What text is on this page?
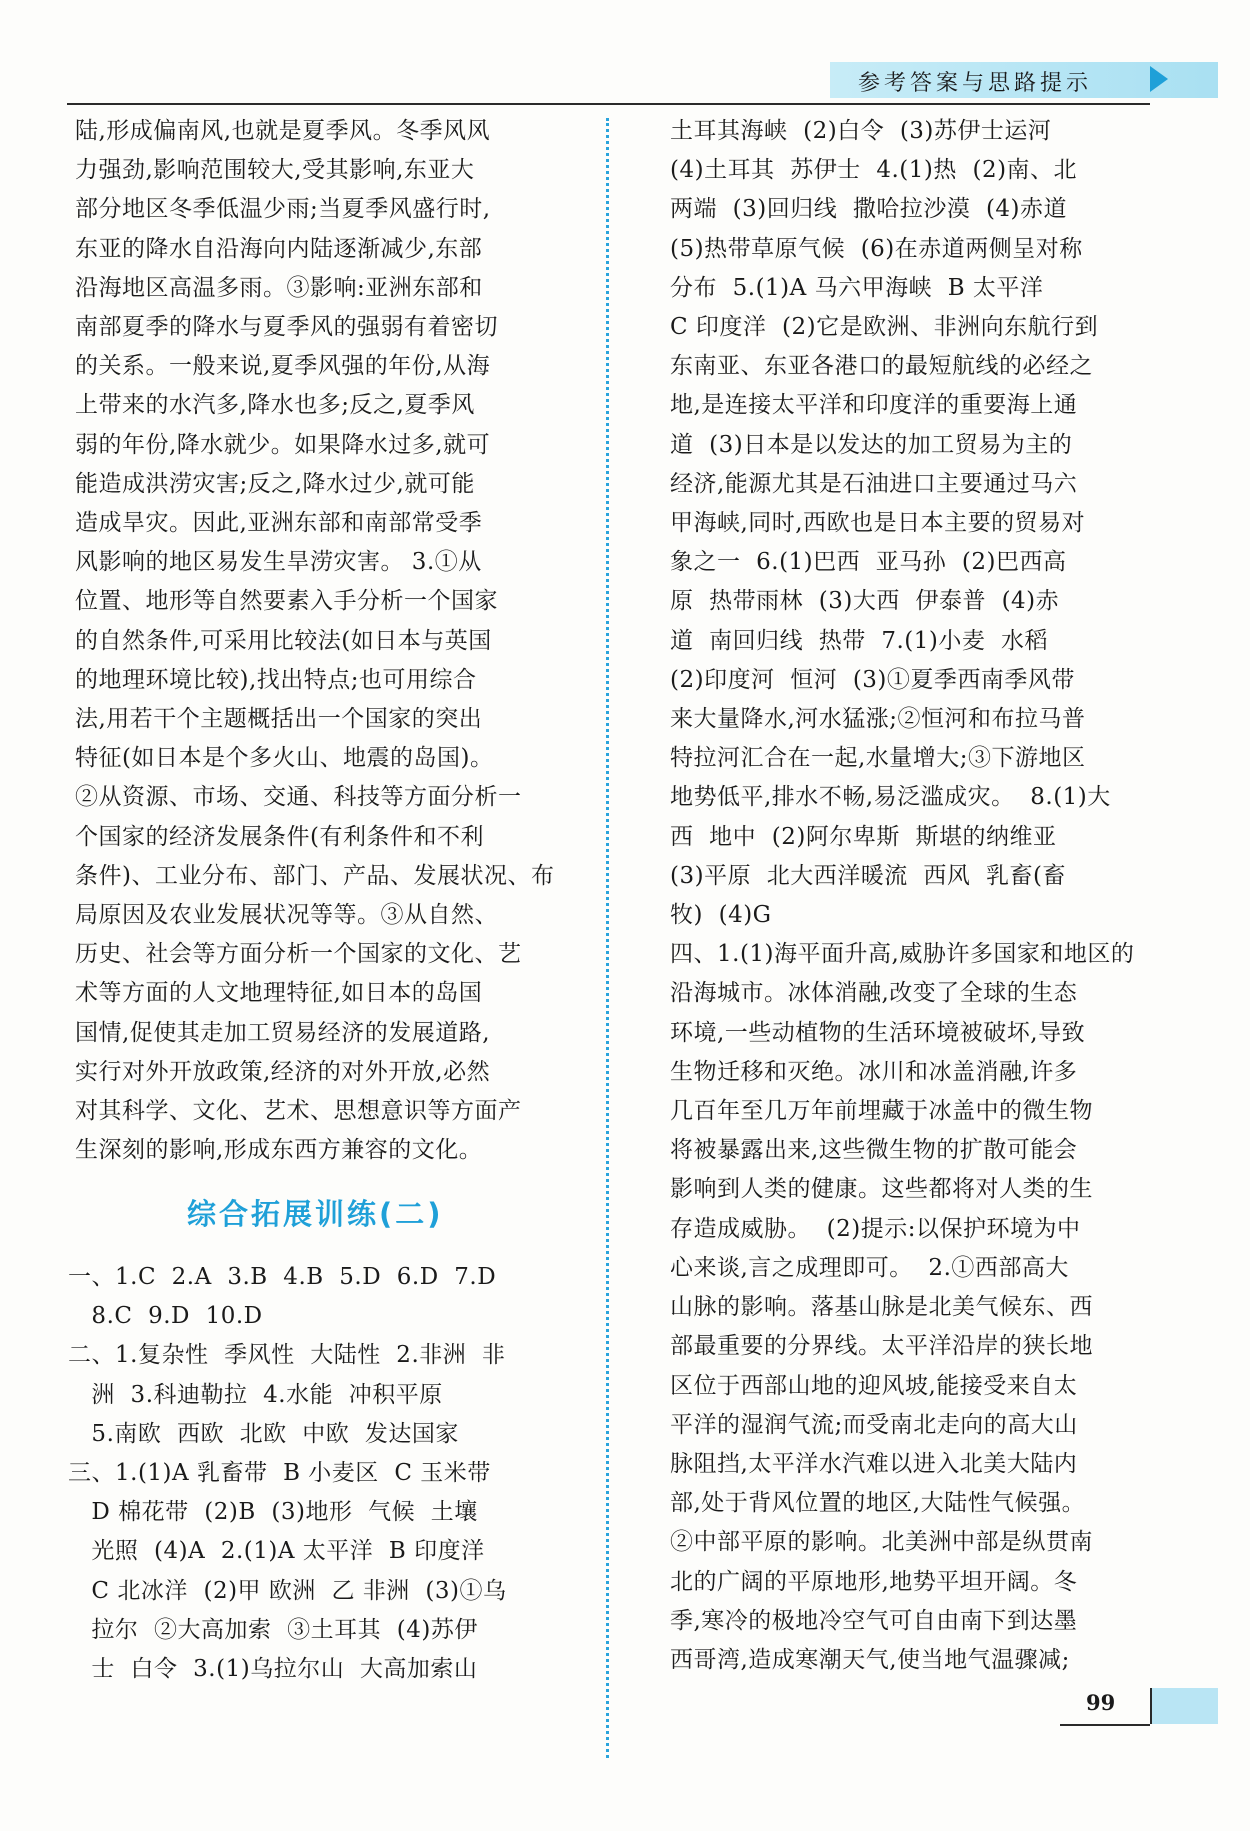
参考答案与思路提示
陆,形成偏南风,也就是夏季风。冬季风风
力强劲,影响范围较大,受其影响,东亚大
部分地区冬季低温少雨;当夏季风盛行时,
东亚的降水自沿海向内陆逐渐减少,东部
沿海地区高温多雨。③影响:亚洲东部和
南部夏季的降水与夏季风的强弱有着密切
的关系。一般来说,夏季风强的年份,从海
上带来的水汽多,降水也多;反之,夏季风
弱的年份,降水就少。如果降水过多,就可
能造成洪涝灾害;反之,降水过少,就可能
造成旱灾。因此,亚洲东部和南部常受季
风影响的地区易发生旱涝灾害。 3.①从
位置、地形等自然要素入手分析一个国家
的自然条件,可采用比较法(如日本与英国
的地理环境比较),找出特点;也可用综合
法,用若干个主题概括出一个国家的突出
特征(如日本是个多火山、地震的岛国)。
②从资源、市场、交通、科技等方面分析一
个国家的经济发展条件(有利条件和不利
条件)、工业分布、部门、产品、发展状况、布
局原因及农业发展状况等等。③从自然、
历史、社会等方面分析一个国家的文化、艺
术等方面的人文地理特征,如日本的岛国
国情,促使其走加工贸易经济的发展道路,
实行对外开放政策,经济的对外开放,必然
对其科学、文化、艺术、思想意识等方面产
生深刻的影响,形成东西方兼容的文化。
综合拓展训练(二)
一、1.C  2.A  3.B  4.B  5.D  6.D  7.D
8.C  9.D  10.D
二、1.复杂性  季风性  大陆性  2.非洲  非
洲  3.科迪勒拉  4.水能  冲积平原
5.南欧  西欧  北欧  中欧  发达国家
三、1.(1)A 乳畜带  B 小麦区  C 玉米带
D 棉花带  (2)B  (3)地形  气候  土壤
光照  (4)A  2.(1)A 太平洋  B 印度洋
C 北冰洋  (2)甲 欧洲  乙 非洲  (3)①乌
拉尔  ②大高加索  ③土耳其  (4)苏伊
士  白令  3.(1)乌拉尔山  大高加索山
土耳其海峡  (2)白令  (3)苏伊士运河
(4)土耳其  苏伊士  4.(1)热  (2)南、北
两端  (3)回归线  撒哈拉沙漠  (4)赤道
(5)热带草原气候  (6)在赤道两侧呈对称
分布  5.(1)A 马六甲海峡  B 太平洋
C 印度洋  (2)它是欧洲、非洲向东航行到
东南亚、东亚各港口的最短航线的必经之
地,是连接太平洋和印度洋的重要海上通
道  (3)日本是以发达的加工贸易为主的
经济,能源尤其是石油进口主要通过马六
甲海峡,同时,西欧也是日本主要的贸易对
象之一  6.(1)巴西  亚马孙  (2)巴西高
原  热带雨林  (3)大西  伊泰普  (4)赤
道  南回归线  热带  7.(1)小麦  水稻
(2)印度河  恒河  (3)①夏季西南季风带
来大量降水,河水猛涨;②恒河和布拉马普
特拉河汇合在一起,水量增大;③下游地区
地势低平,排水不畅,易泛滥成灾。  8.(1)大
西  地中  (2)阿尔卑斯  斯堪的纳维亚
(3)平原  北大西洋暖流  西风  乳畜(畜
牧)  (4)G
四、1.(1)海平面升高,威胁许多国家和地区的
沿海城市。冰体消融,改变了全球的生态
环境,一些动植物的生活环境被破坏,导致
生物迁移和灭绝。冰川和冰盖消融,许多
几百年至几万年前埋藏于冰盖中的微生物
将被暴露出来,这些微生物的扩散可能会
影响到人类的健康。这些都将对人类的生
存造成威胁。  (2)提示:以保护环境为中
心来谈,言之成理即可。  2.①西部高大
山脉的影响。落基山脉是北美气候东、西
部最重要的分界线。太平洋沿岸的狭长地
区位于西部山地的迎风坡,能接受来自太
平洋的湿润气流;而受南北走向的高大山
脉阻挡,太平洋水汽难以进入北美大陆内
部,处于背风位置的地区,大陆性气候强。
②中部平原的影响。北美洲中部是纵贯南
北的广阔的平原地形,地势平坦开阔。冬
季,寒冷的极地冷空气可自由南下到达墨
西哥湾,造成寒潮天气,使当地气温骤减;
99
